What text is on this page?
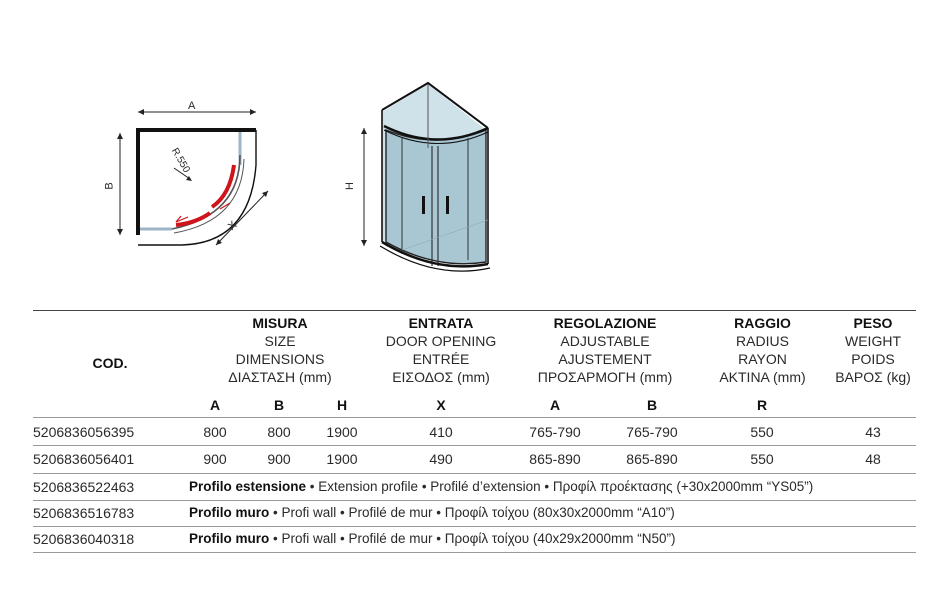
A
B
X
R.550
H
COD.
MISURA
SIZE
DIMENSIONS
ΔΙΑΣΤΑΣΗ (mm)
ENTRATA
DOOR OPENING
ENTRÉE
ΕΙΣΟΔΟΣ (mm)
REGOLAZIONE
ADJUSTABLE
AJUSTEMENT
ΠΡΟΣΑΡΜΟΓΗ (mm)
RAGGIO
RADIUS
RAYON
ΑΚΤΙΝΑ (mm)
PESO
WEIGHT
POIDS
ΒΑΡΟΣ (kg)
A	B	H	X	A	B	R
5206836056395	800	800	1900	410	765-790	765-790	550	43
5206836056401	900	900	1900	490	865-890	865-890	550	48
5206836522463	Profilo estensione • Extension profile • Profilé d’extension • Προφίλ προέκτασης (+30x2000mm “YS05”)
5206836516783	Profilo muro • Profi wall • Profilé de mur • Προφίλ τοίχου (80x30x2000mm “A10”)
5206836040318	Profilo muro • Profi wall • Profilé de mur • Προφίλ τοίχου (40x29x2000mm “N50”)
